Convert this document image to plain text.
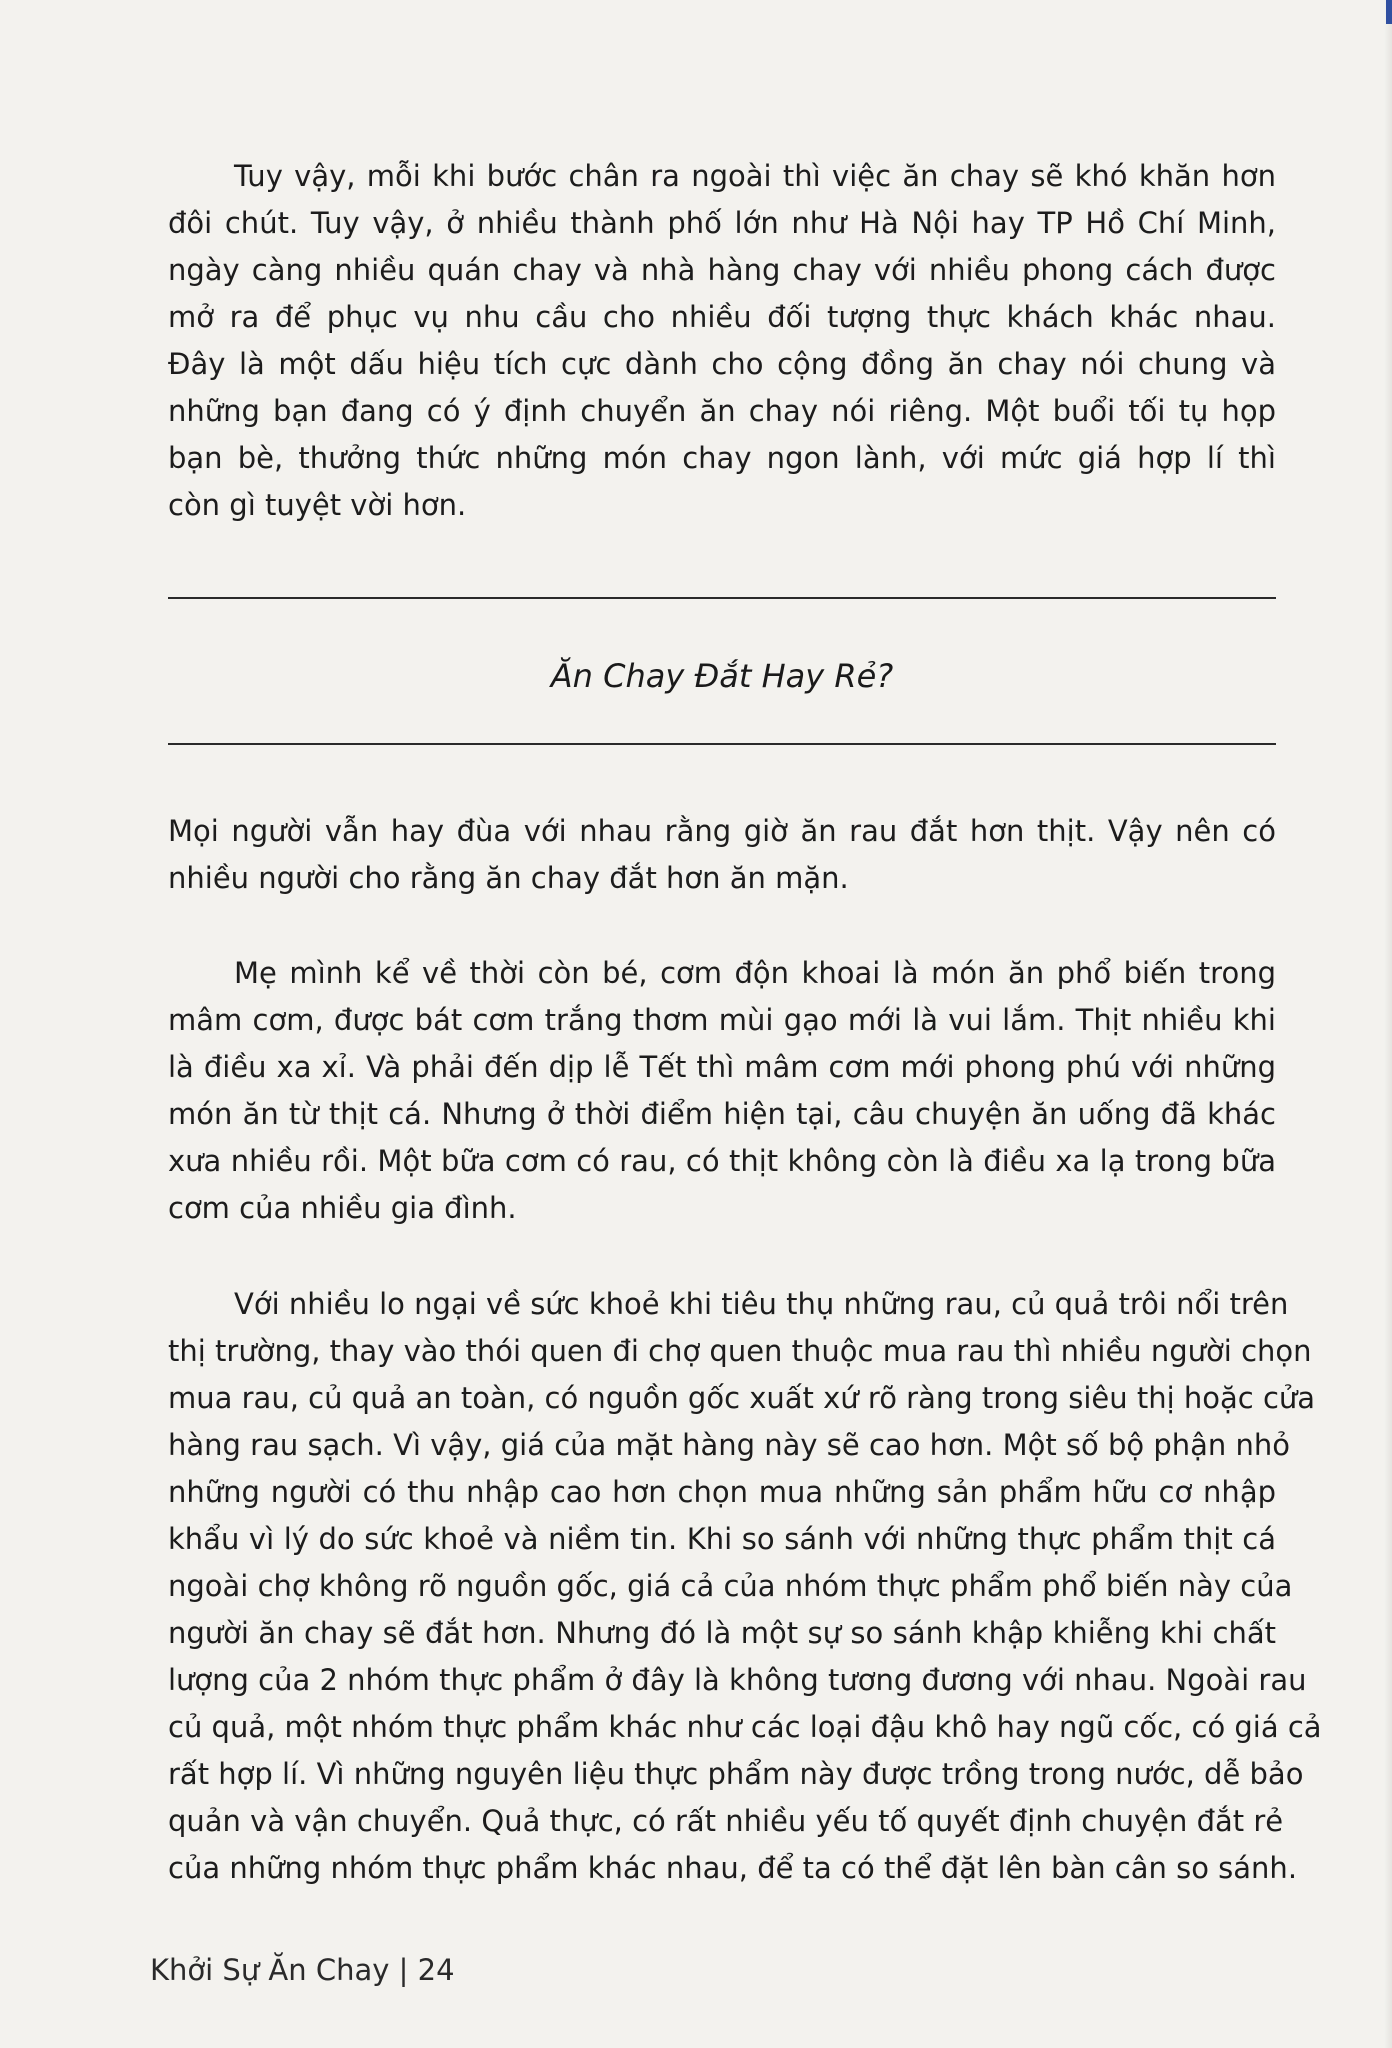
Tuy vậy, mỗi khi bước chân ra ngoài thì việc ăn chay sẽ khó khăn hơn
đôi chút. Tuy vậy, ở nhiều thành phố lớn như Hà Nội hay TP Hồ Chí Minh,
ngày càng nhiều quán chay và nhà hàng chay với nhiều phong cách được
mở ra để phục vụ nhu cầu cho nhiều đối tượng thực khách khác nhau.
Đây là một dấu hiệu tích cực dành cho cộng đồng ăn chay nói chung và
những bạn đang có ý định chuyển ăn chay nói riêng. Một buổi tối tụ họp
bạn bè, thưởng thức những món chay ngon lành, với mức giá hợp lí thì
còn gì tuyệt vời hơn.
Ăn Chay Đắt Hay Rẻ?
Mọi người vẫn hay đùa với nhau rằng giờ ăn rau đắt hơn thịt. Vậy nên có
nhiều người cho rằng ăn chay đắt hơn ăn mặn.
Mẹ mình kể về thời còn bé, cơm độn khoai là món ăn phổ biến trong
mâm cơm, được bát cơm trắng thơm mùi gạo mới là vui lắm. Thịt nhiều khi
là điều xa xỉ. Và phải đến dịp lễ Tết thì mâm cơm mới phong phú với những
món ăn từ thịt cá. Nhưng ở thời điểm hiện tại, câu chuyện ăn uống đã khác
xưa nhiều rồi. Một bữa cơm có rau, có thịt không còn là điều xa lạ trong bữa
cơm của nhiều gia đình.
Với nhiều lo ngại về sức khoẻ khi tiêu thụ những rau, củ quả trôi nổi trên
thị trường, thay vào thói quen đi chợ quen thuộc mua rau thì nhiều người chọn
mua rau, củ quả an toàn, có nguồn gốc xuất xứ rõ ràng trong siêu thị hoặc cửa
hàng rau sạch. Vì vậy, giá của mặt hàng này sẽ cao hơn. Một số bộ phận nhỏ
những người có thu nhập cao hơn chọn mua những sản phẩm hữu cơ nhập
khẩu vì lý do sức khoẻ và niềm tin. Khi so sánh với những thực phẩm thịt cá
ngoài chợ không rõ nguồn gốc, giá cả của nhóm thực phẩm phổ biến này của
người ăn chay sẽ đắt hơn. Nhưng đó là một sự so sánh khập khiễng khi chất
lượng của 2 nhóm thực phẩm ở đây là không tương đương với nhau. Ngoài rau
củ quả, một nhóm thực phẩm khác như các loại đậu khô hay ngũ cốc, có giá cả
rất hợp lí. Vì những nguyên liệu thực phẩm này được trồng trong nước, dễ bảo
quản và vận chuyển. Quả thực, có rất nhiều yếu tố quyết định chuyện đắt rẻ
của những nhóm thực phẩm khác nhau, để ta có thể đặt lên bàn cân so sánh.
Khởi Sự Ăn Chay | 24
